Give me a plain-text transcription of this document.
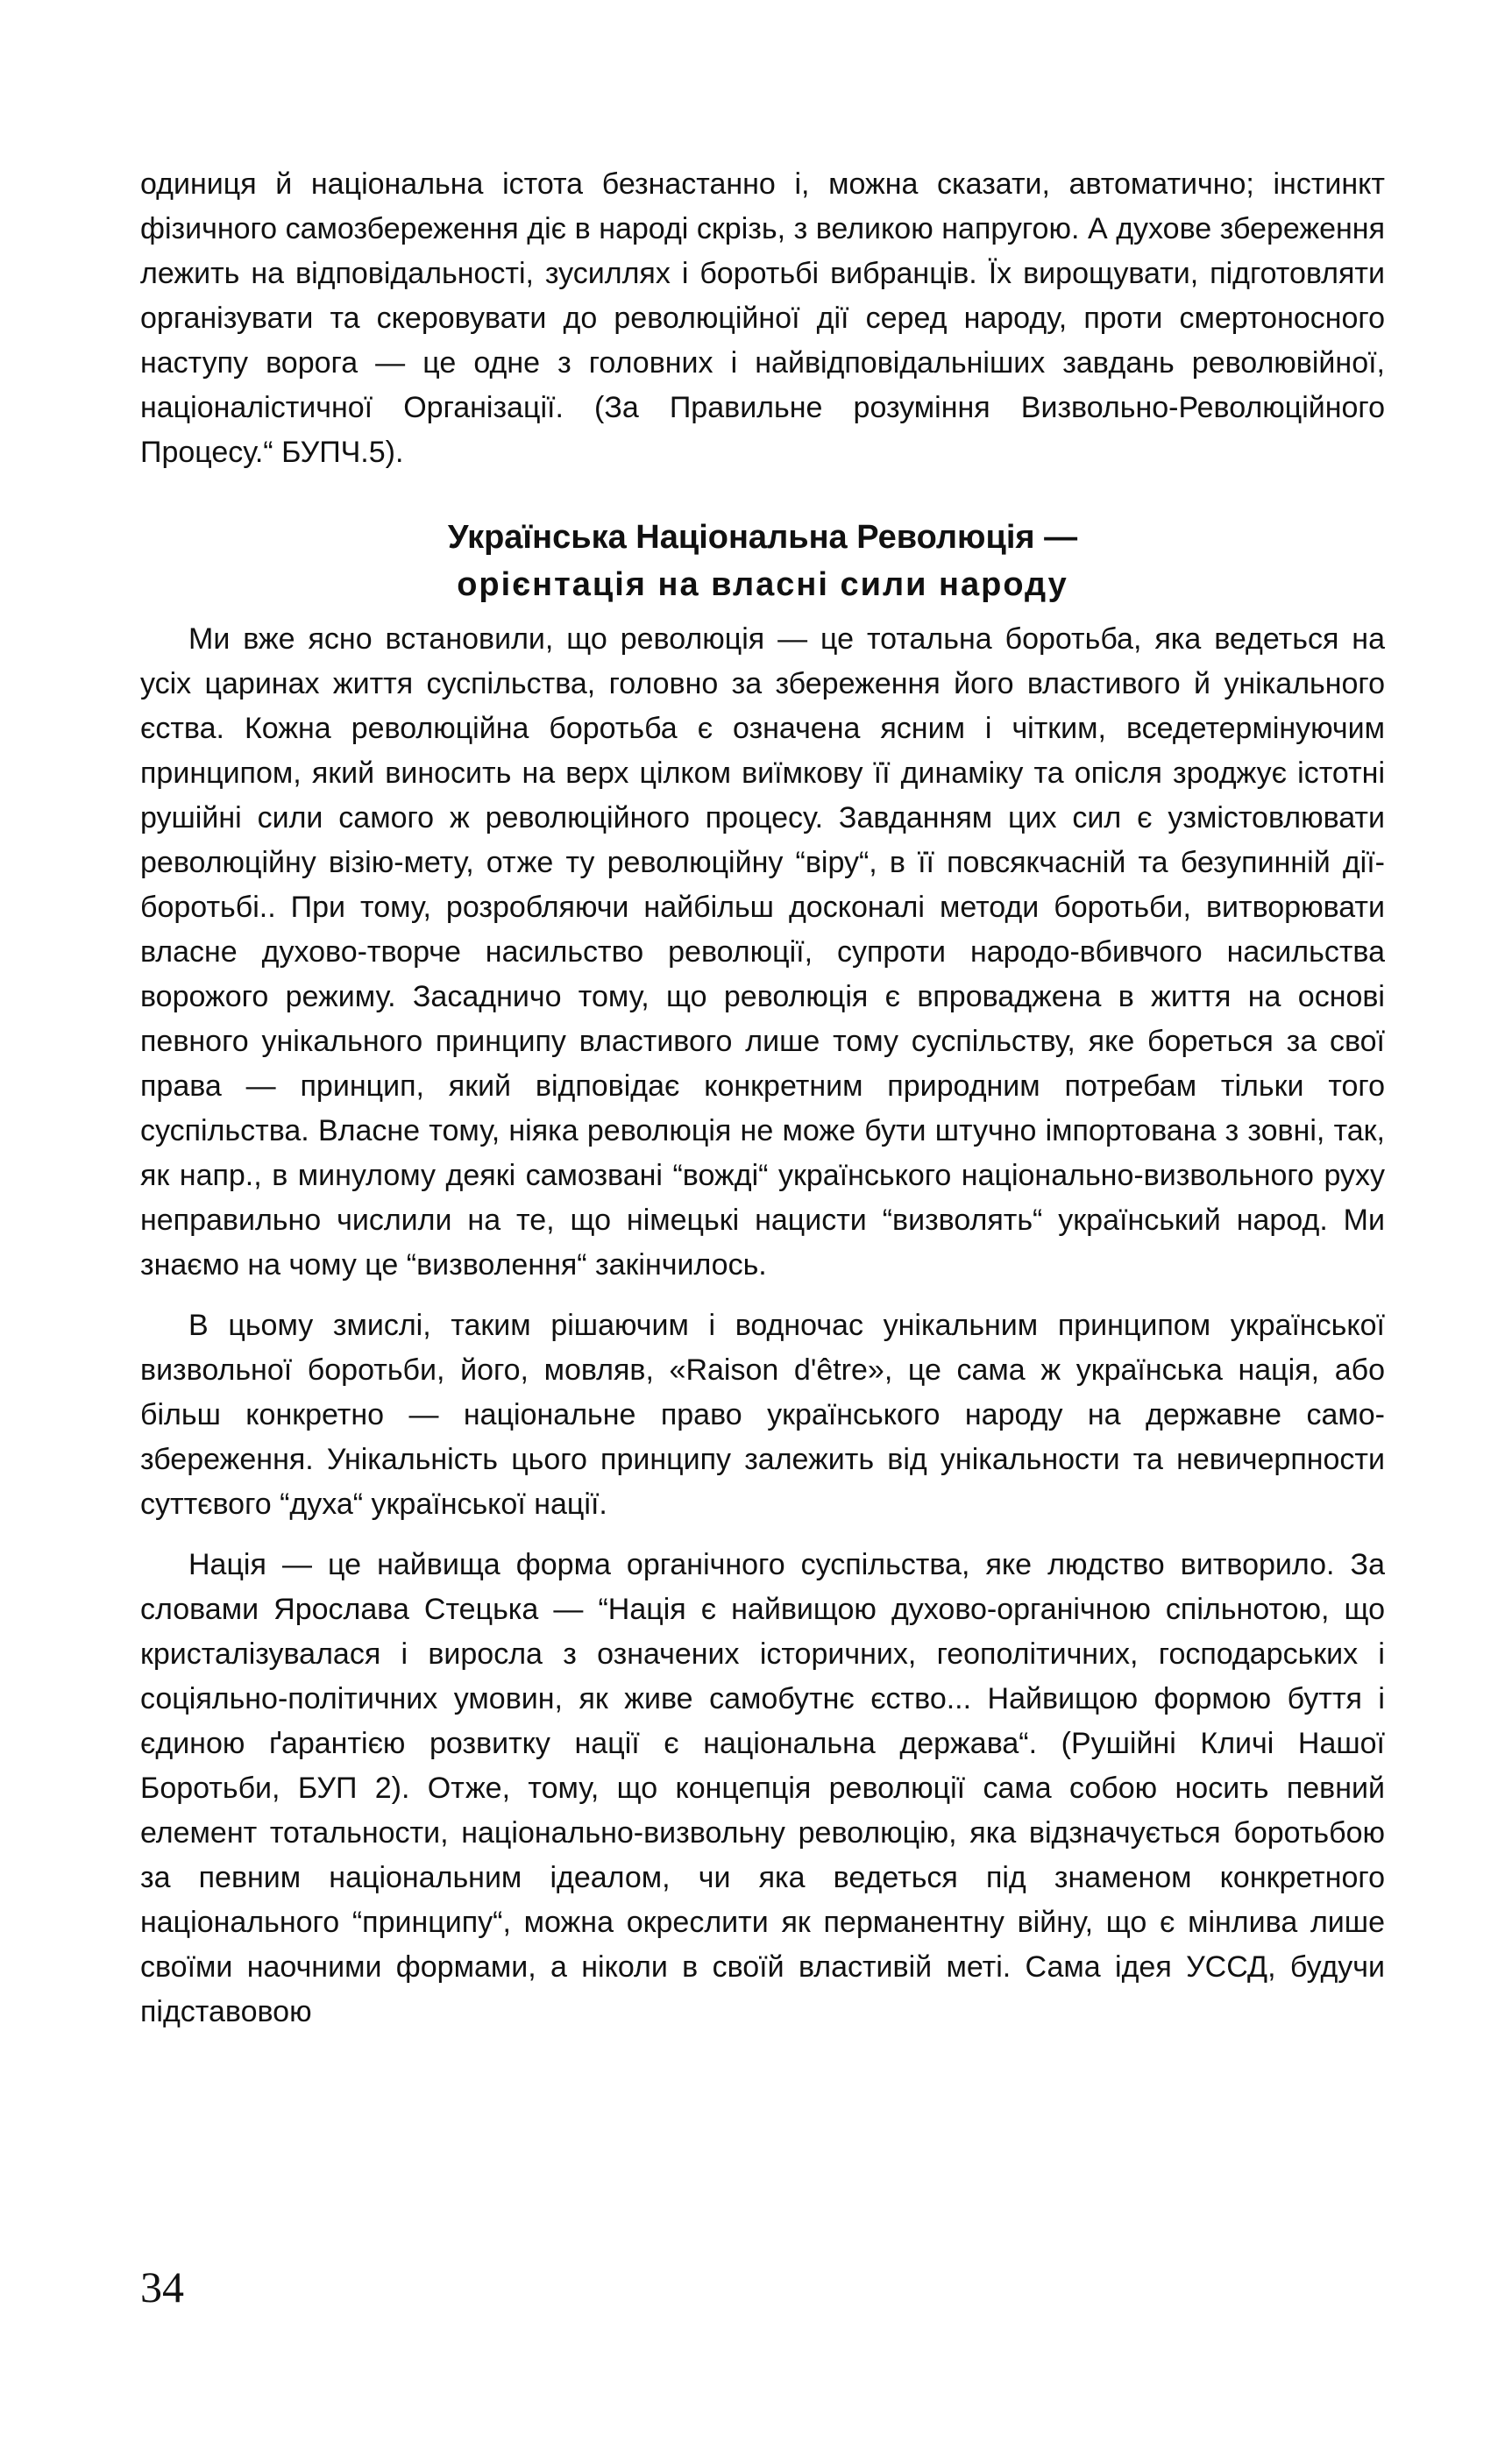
одиниця й національна істота безнастанно і, можна сказати, автоматично; інстинкт фізичного самозбереження діє в народі скрізь, з великою напругою. А духове збереження лежить на відповідальності, зусиллях і боротьбі вибранців. Їх вирощувати, підготовляти організувати та скеровувати до революційної дії серед народу, проти смертоносного наступу ворога — це одне з головних і найвідповідальніших завдань револювійної, націоналістичної Організації. (За Правильне розуміння Визвольно-Революційного Процесу.“ БУПЧ.5).

Українська Національна Революція —
орієнтація на власні сили народу

Ми вже ясно встановили, що революція — це тотальна боротьба, яка ведеться на усіх царинах життя суспільства, головно за збереження його властивого й унікального єства. Кожна революційна боротьба є означена ясним і чітким, вседетермінуючим принципом, який виносить на верх цілком виїмкову її динаміку та опісля зроджує істотні рушійні сили самого ж революційного процесу. Завданням цих сил є узмістовлювати революційну візію-мету, отже ту революційну “віру“, в її повсякчасній та безупинній дії-боротьбі.. При тому, розробляючи найбільш досконалі методи боротьби, витворювати власне духово-творче насильство революції, супроти народо-вбивчого насильства ворожого режиму. Засадничо тому, що революція є впроваджена в життя на основі певного унікального принципу властивого лише тому суспільству, яке бореться за свої права — принцип, який відповідає конкретним природним потребам тільки того суспільства. Власне тому, ніяка революція не може бути штучно імпортована з зовні, так, як напр., в минулому деякі самозвані “вожді“ українського національно-визвольного руху неправильно числили на те, що німецькі нацисти “визволять“ український народ. Ми знаємо на чому це “визволення“ закінчилось.

В цьому змислі, таким рішаючим і водночас унікальним принципом української визвольної боротьби, його, мовляв, «Raison d'être», це сама ж українська нація, або більш конкретно — національне право українського народу на державне само-збереження. Унікальність цього принципу залежить від унікальности та невичерпности суттєвого “духа“ української нації.

Нація — це найвища форма органічного суспільства, яке людство витворило. За словами Ярослава Стецька — “Нація є найвищою духово-органічною спільнотою, що кристалізувалася і виросла з означених історичних, геополітичних, господарських і соціяльно-політичних умовин, як живе самобутнє єство... Найвищою формою буття і єдиною ґарантією розвитку нації є національна держава“. (Рушійні Кличі Нашої Боротьби, БУП 2). Отже, тому, що концепція революції сама собою носить певний елемент тотальности, національно-визвольну революцію, яка відзначується боротьбою за певним національним ідеалом, чи яка ведеться під знаменом конкретного національного “принципу“, можна окреслити як перманентну війну, що є мінлива лише своїми наочними формами, а ніколи в своїй властивій меті. Сама ідея УССД, будучи підставовою

34
